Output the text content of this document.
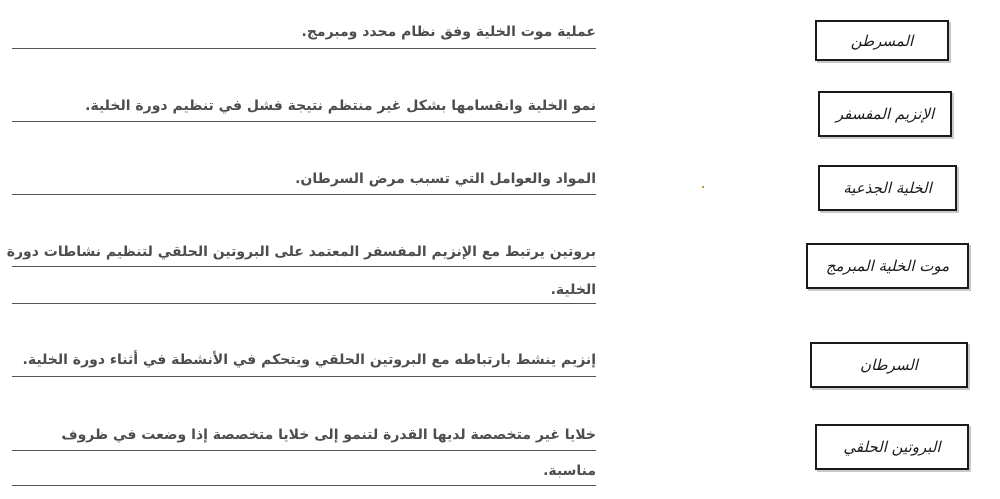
عملية موت الخلية وفق نظام محدد ومبرمج.
نمو الخلية وانقسامها بشكل غير منتظم نتيجة فشل في تنظيم دورة الخلية.
المواد والعوامل التي تسبب مرض السرطان.
بروتين يرتبط مع الإنزيم المفسفر المعتمد على البروتين الحلقي لتنظيم نشاطات دورة
الخلية.
إنزيم ينشط بارتباطه مع البروتين الحلقي ويتحكم في الأنشطة في أثناء دورة الخلية.
خلايا غير متخصصة لديها القدرة لتنمو إلى خلايا متخصصة إذا وضعت في ظروف
مناسبة.
المسرطن
الإنزيم المفسفر
الخلية الجذعية
موت الخلية المبرمج
السرطان
البروتين الحلقي
